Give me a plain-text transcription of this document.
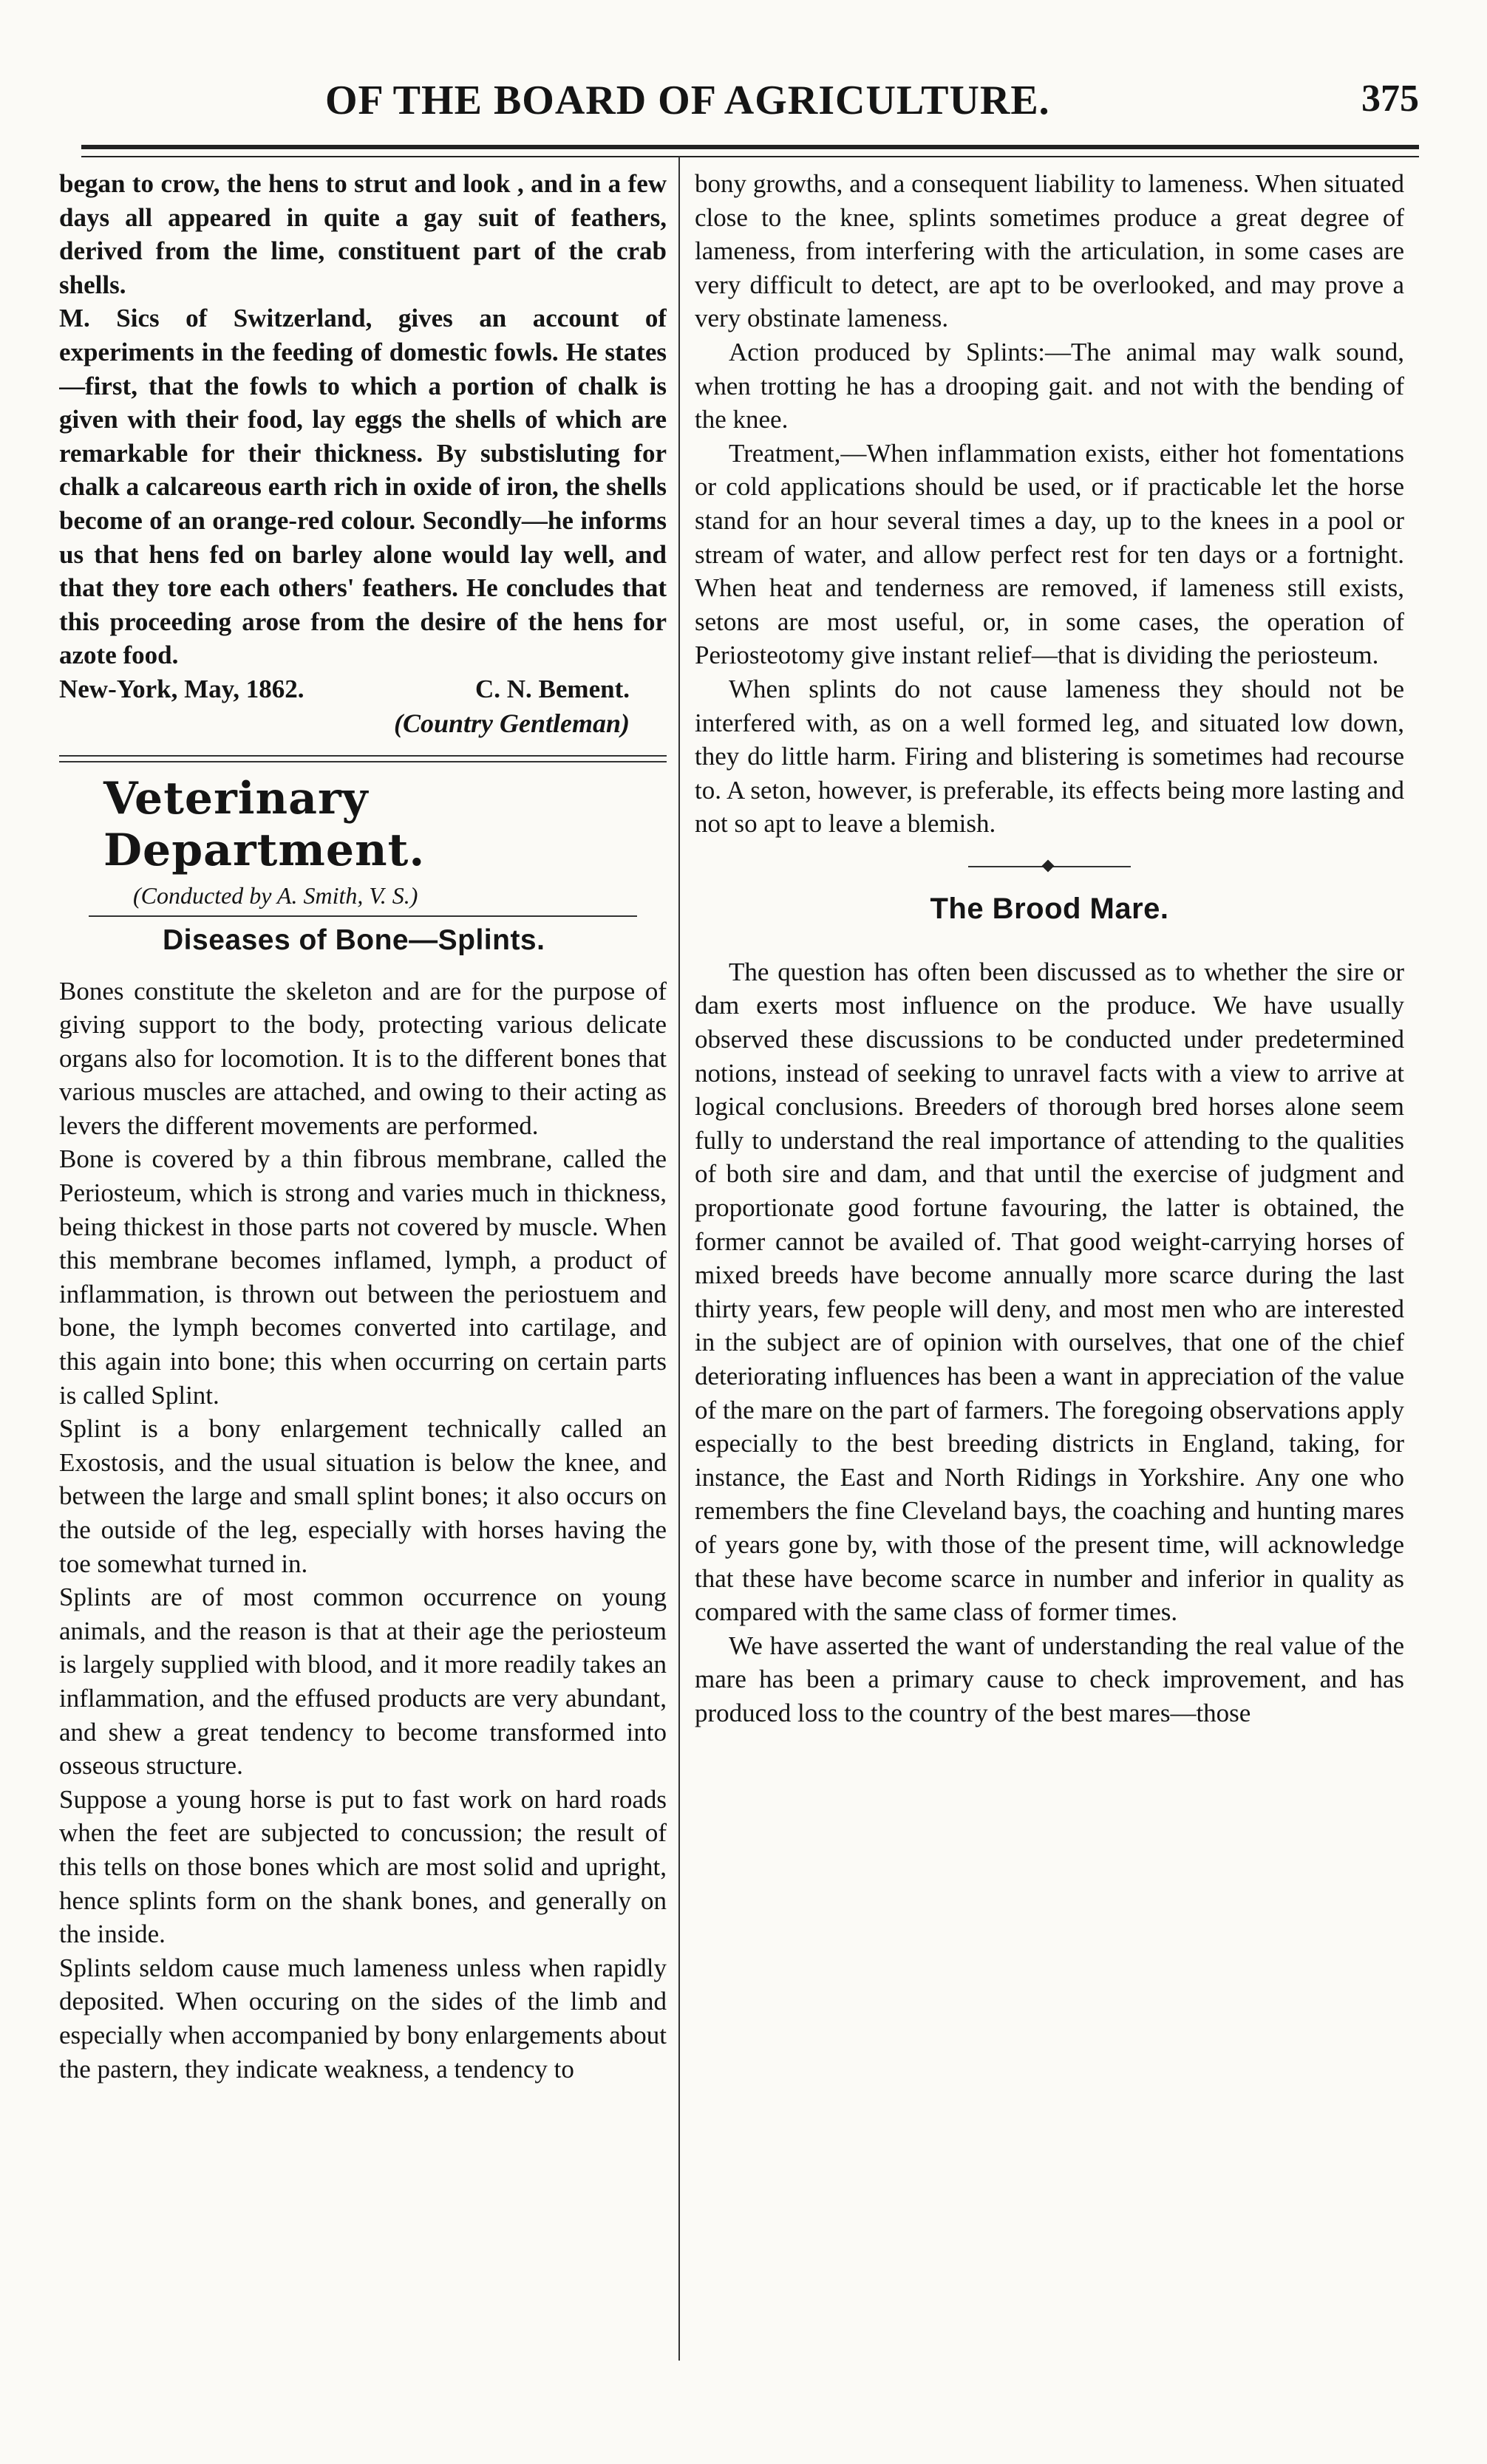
OF THE BOARD OF AGRICULTURE.	375

began to crow, the hens to strut and look , and in a few days all appeared in quite a gay suit of feathers, derived from the lime, constituent part of the crab shells.

M. Sics of Switzerland, gives an account of experiments in the feeding of domestic fowls. He states—first, that the fowls to which a portion of chalk is given with their food, lay eggs the shells of which are remarkable for their thickness. By substisluting for chalk a calcareous earth rich in oxide of iron, the shells become of an orange-red colour. Secondly—he informs us that hens fed on barley alone would lay well, and that they tore each others' feathers. He concludes that this proceeding arose from the desire of the hens for azote food.

New-York, May, 1862.	C. N. Bement.
(Country Gentleman)
Veterinary Department.
(Conducted by A. Smith, V. S.)
Diseases of Bone—Splints.

Bones constitute the skeleton and are for the purpose of giving support to the body, protecting various delicate organs also for locomotion. It is to the different bones that various muscles are attached, and owing to their acting as levers the different movements are performed.

Bone is covered by a thin fibrous membrane, called the Periosteum, which is strong and varies much in thickness, being thickest in those parts not covered by muscle. When this membrane becomes inflamed, lymph, a product of inflammation, is thrown out between the periostuem and bone, the lymph becomes converted into cartilage, and this again into bone; this when occurring on certain parts is called Splint.

Splint is a bony enlargement technically called an Exostosis, and the usual situation is below the knee, and between the large and small splint bones; it also occurs on the outside of the leg, especially with horses having the toe somewhat turned in.

Splints are of most common occurrence on young animals, and the reason is that at their age the periosteum is largely supplied with blood, and it more readily takes an inflammation, and the effused products are very abundant, and shew a great tendency to become transformed into osseous structure.

Suppose a young horse is put to fast work on hard roads when the feet are subjected to concussion; the result of this tells on those bones which are most solid and upright, hence splints form on the shank bones, and generally on the inside.

Splints seldom cause much lameness unless when rapidly deposited. When occuring on the sides of the limb and especially when accompanied by bony enlargements about the pastern, they indicate weakness, a tendency to

bony growths, and a consequent liability to lameness. When situated close to the knee, splints sometimes produce a great degree of lameness, from interfering with the articulation, in some cases are very difficult to detect, are apt to be overlooked, and may prove a very obstinate lameness.

Action produced by Splints:—The animal may walk sound, when trotting he has a drooping gait. and not with the bending of the knee.

Treatment,—When inflammation exists, either hot fomentations or cold applications should be used, or if practicable let the horse stand for an hour several times a day, up to the knees in a pool or stream of water, and allow perfect rest for ten days or a fortnight. When heat and tenderness are removed, if lameness still exists, setons are most useful, or, in some cases, the operation of Periosteotomy give instant relief—that is dividing the periosteum.

When splints do not cause lameness they should not be interfered with, as on a well formed leg, and situated low down, they do little harm. Firing and blistering is sometimes had recourse to. A seton, however, is preferable, its effects being more lasting and not so apt to leave a blemish.

The Brood Mare.

The question has often been discussed as to whether the sire or dam exerts most influence on the produce. We have usually observed these discussions to be conducted under predetermined notions, instead of seeking to unravel facts with a view to arrive at logical conclusions. Breeders of thorough bred horses alone seem fully to understand the real importance of attending to the qualities of both sire and dam, and that until the exercise of judgment and proportionate good fortune favouring, the latter is obtained, the former cannot be availed of. That good weight-carrying horses of mixed breeds have become annually more scarce during the last thirty years, few people will deny, and most men who are interested in the subject are of opinion with ourselves, that one of the chief deteriorating influences has been a want in appreciation of the value of the mare on the part of farmers. The foregoing observations apply especially to the best breeding districts in England, taking, for instance, the East and North Ridings in Yorkshire. Any one who remembers the fine Cleveland bays, the coaching and hunting mares of years gone by, with those of the present time, will acknowledge that these have become scarce in number and inferior in quality as compared with the same class of former times.

We have asserted the want of understanding the real value of the mare has been a primary cause to check improvement, and has produced loss to the country of the best mares—those
